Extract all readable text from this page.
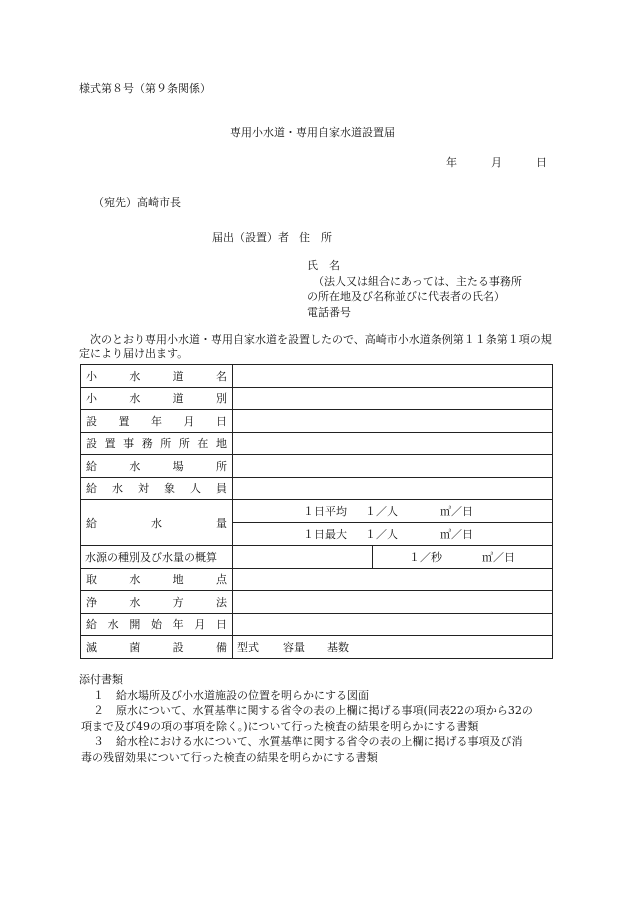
様式第８号（第９条関係）
専用小水道・専用自家水道設置届
年	月	日
（宛先）高崎市長
届出（設置）者 住　所
氏　名
（法人又は組合にあっては、主たる事務所
の所在地及び名称並びに代表者の氏名）
電話番号
次のとおり専用小水道・専用自家水道を設置したので、高崎市小水道条例第１１条第１項の規定により届け出ます。
小水道名		
小水道別		
設置年月日		
設置事務所所在地		
給水場所		
給水対象人員		
給水量	１日平均 １／人 ㎥／日	
	１日最大 １／人 ㎥／日	
水源の種別及び水量の概算		１／秒 ㎥／日
取水地点		
浄水方法		
給水開始年月日		
滅菌設備	型式 容量 基数	
添付書類
１ 給水場所及び小水道施設の位置を明らかにする図面
２ 原水について、水質基準に関する省令の表の上欄に掲げる事項(同表22の項から32の
項まで及び49の項の事項を除く。)について行った検査の結果を明らかにする書類
３ 給水栓における水について、水質基準に関する省令の表の上欄に掲げる事項及び消
毒の残留効果について行った検査の結果を明らかにする書類
